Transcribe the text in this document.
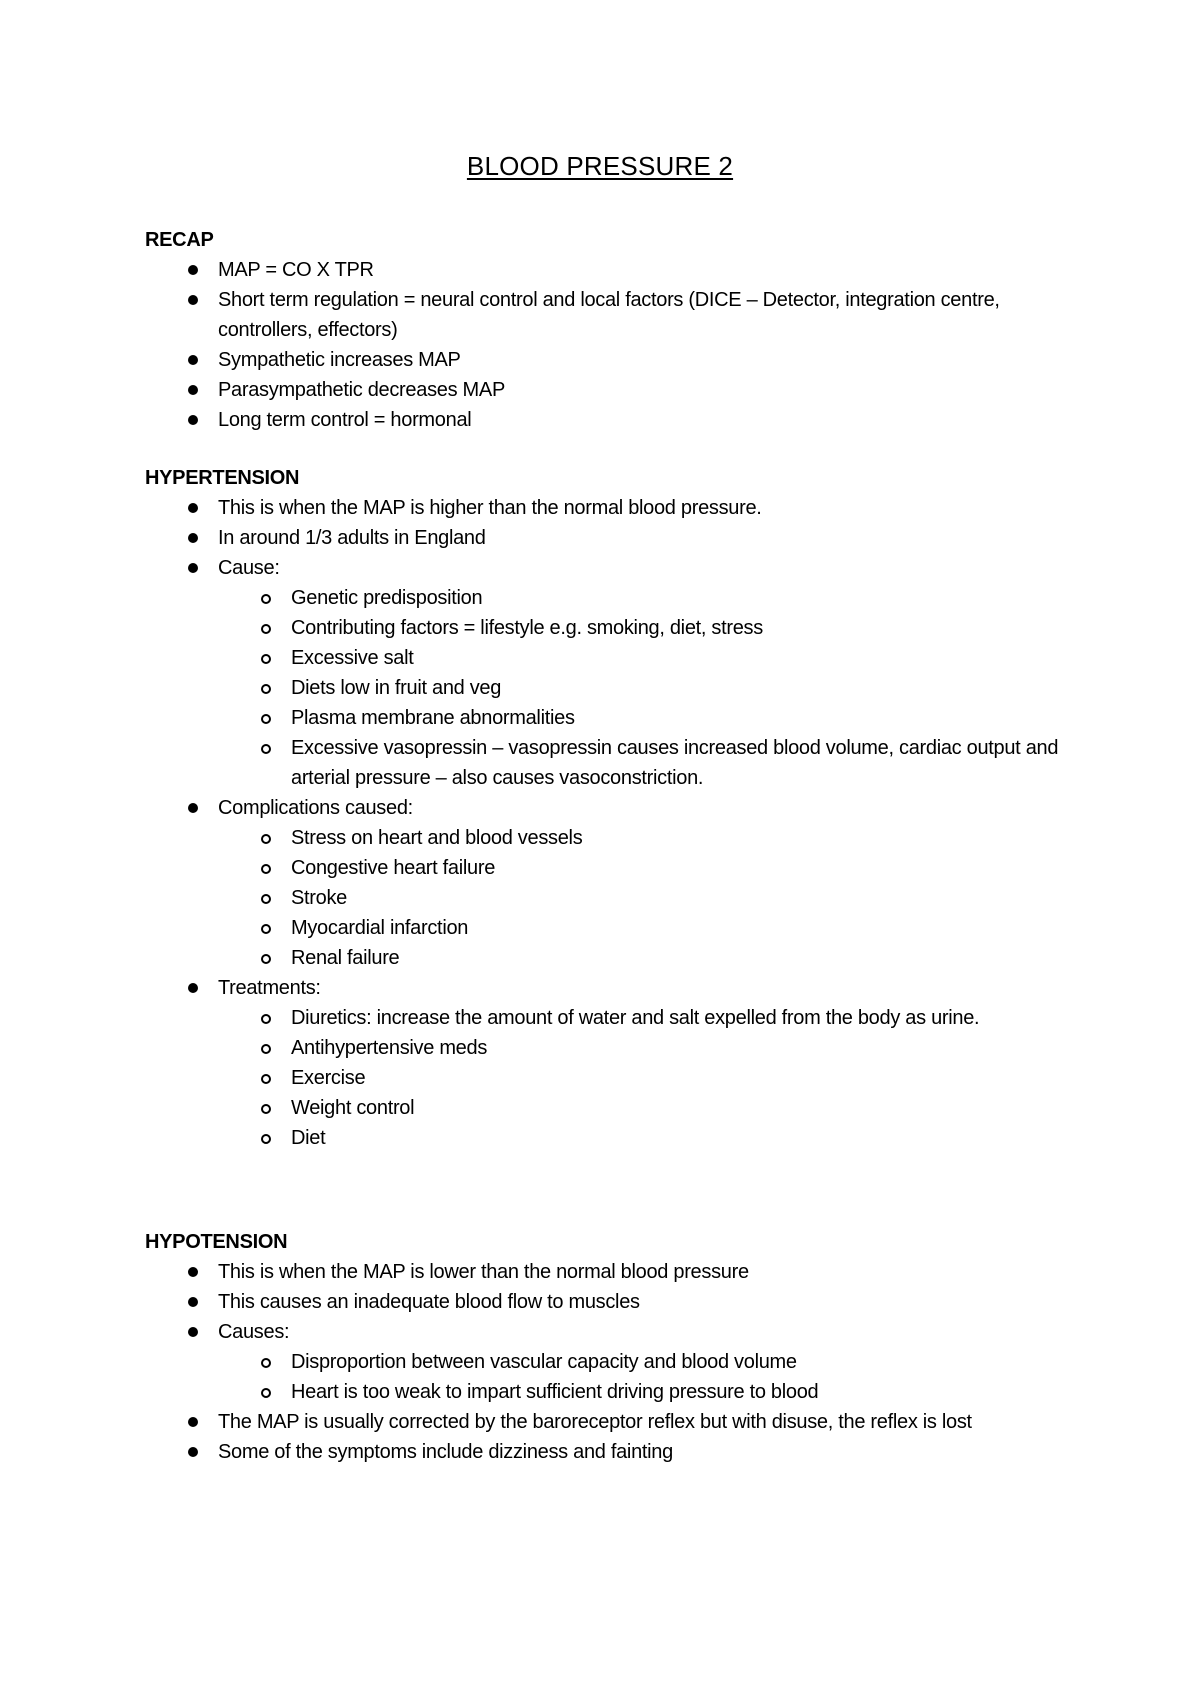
BLOOD PRESSURE 2
RECAP
MAP = CO X TPR
Short term regulation = neural control and local factors (DICE – Detector, integration centre, controllers, effectors)
Sympathetic increases MAP
Parasympathetic decreases MAP
Long term control = hormonal
HYPERTENSION
This is when the MAP is higher than the normal blood pressure.
In around 1/3 adults in England
Cause:
Genetic predisposition
Contributing factors = lifestyle e.g. smoking, diet, stress
Excessive salt
Diets low in fruit and veg
Plasma membrane abnormalities
Excessive vasopressin – vasopressin causes increased blood volume, cardiac output and arterial pressure – also causes vasoconstriction.
Complications caused:
Stress on heart and blood vessels
Congestive heart failure
Stroke
Myocardial infarction
Renal failure
Treatments:
Diuretics: increase the amount of water and salt expelled from the body as urine.
Antihypertensive meds
Exercise
Weight control
Diet
HYPOTENSION
This is when the MAP is lower than the normal blood pressure
This causes an inadequate blood flow to muscles
Causes:
Disproportion between vascular capacity and blood volume
Heart is too weak to impart sufficient driving pressure to blood
The MAP is usually corrected by the baroreceptor reflex but with disuse, the reflex is lost
Some of the symptoms include dizziness and fainting
